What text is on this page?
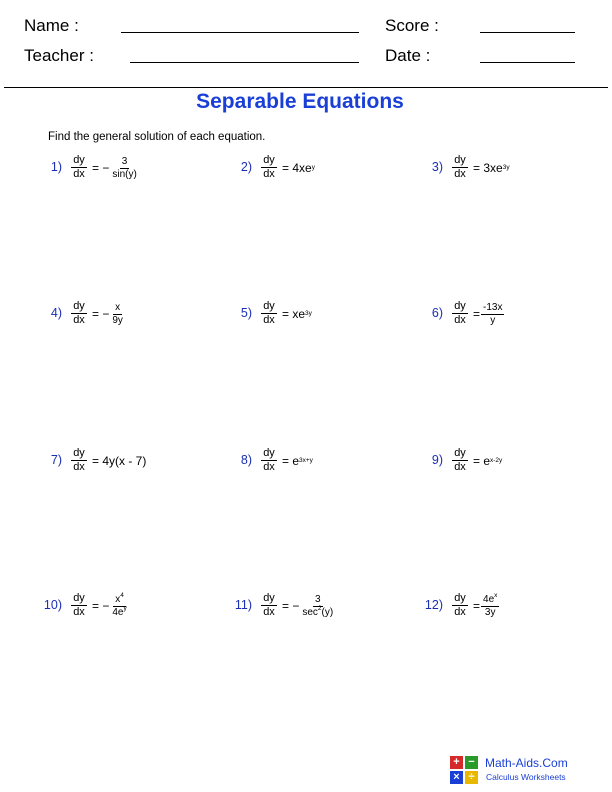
Name :	Score :
Teacher :	Date :
Separable Equations
Find the general solution of each equation.
1) dy
dx = − $\frac{3}{\sin(y)}$	2) dy
dx = 4xe y	3) dy
dx = 3xe 3y
4) dy
dx = − $\frac{x}{9y}$	5) dy
dx = xe 3y	6) dy
dx = $\frac{-13x}{y}$
7) dy
dx = 4y(x - 7)	8) dy
dx = e 3x+y	9) dy
dx = e x-2y
10) dy
dx = − $\frac{x^4}{4e^y}$	11) dy
dx = − $\frac{3}{\sec^2(y)}$	12) dy
dx = $\frac{4e^x}{3y}$
+ −
× ÷
Math-Aids.Com
Calculus Worksheets
